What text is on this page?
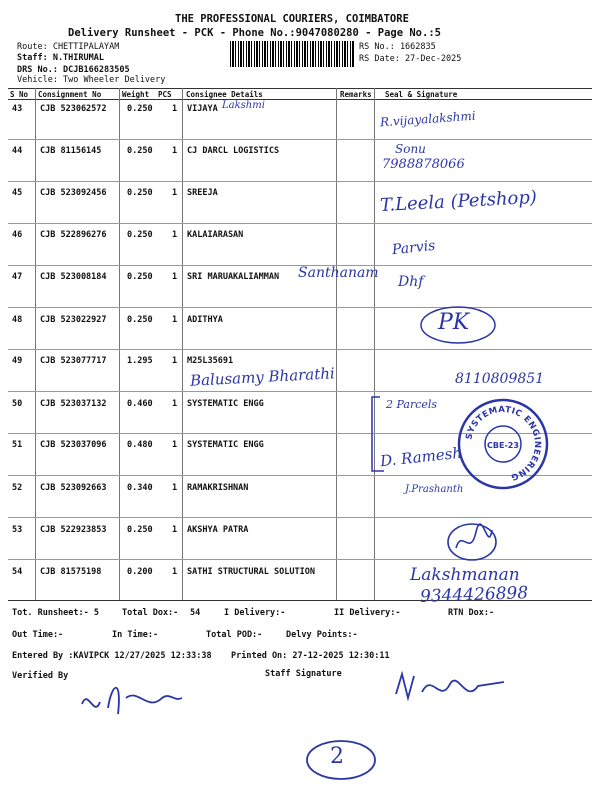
THE PROFESSIONAL COURIERS, COIMBATORE
Delivery Runsheet - PCK - Phone No.:9047080280 - Page No.:5
Route: CHETTIPALAYAM
Staff: N.THIRUMAL
DRS No.: DCJB166283505
Vehicle: Two Wheeler Delivery
RS No.: 1662835
RS Date: 27-Dec-2025
S No Consignment No	Weight PCS Consignee Details	Remarks Seal & Signature
43 CJB 523062572 0.250 1 VIJAYA
44 CJB 81156145	0.250 1 CJ DARCL LOGISTICS
45 CJB 523092456 0.250 1 SREEJA
46 CJB 522896276 0.250 1 KALAIARASAN
47 CJB 523008184 0.250 1 SRI MARUAKALIAMMAN
48 CJB 523022927 0.250 1 ADITHYA
49 CJB 523077717 1.295 1 M25L35691
50 CJB 523037132 0.460 1 SYSTEMATIC ENGG
51 CJB 523037096 0.480 1 SYSTEMATIC ENGG
52 CJB 523092663 0.340 1 RAMAKRISHNAN
53 CJB 522923853 0.250 1 AKSHYA PATRA
54 CJB 81575198	0.200 1 SATHI STRUCTURAL SOLUTION
Lakshmi
R.vijayalakshmi
Sonu
7988878066
T.Leela (Petshop)
Parvis
Santhanam
Dhf
PK
Balusamy Bharathi	8110809851
2 Parcels
D. Ramesh
SYSTEMATIC ENGINEERING
CBE-23
J.Prashanth
Lakshmanan
9344426898
Tot. Runsheet:- 5	Total Dox:- 54	I Delivery:-	II Delivery:-	RTN Dox:-
Out Time:-	In Time:-	Total POD:-	Delvy Points:-
Entered By :KAVIPCK 12/27/2025 12:33:38 Printed On: 27-12-2025 12:30:11
Verified By	Staff Signature
2
